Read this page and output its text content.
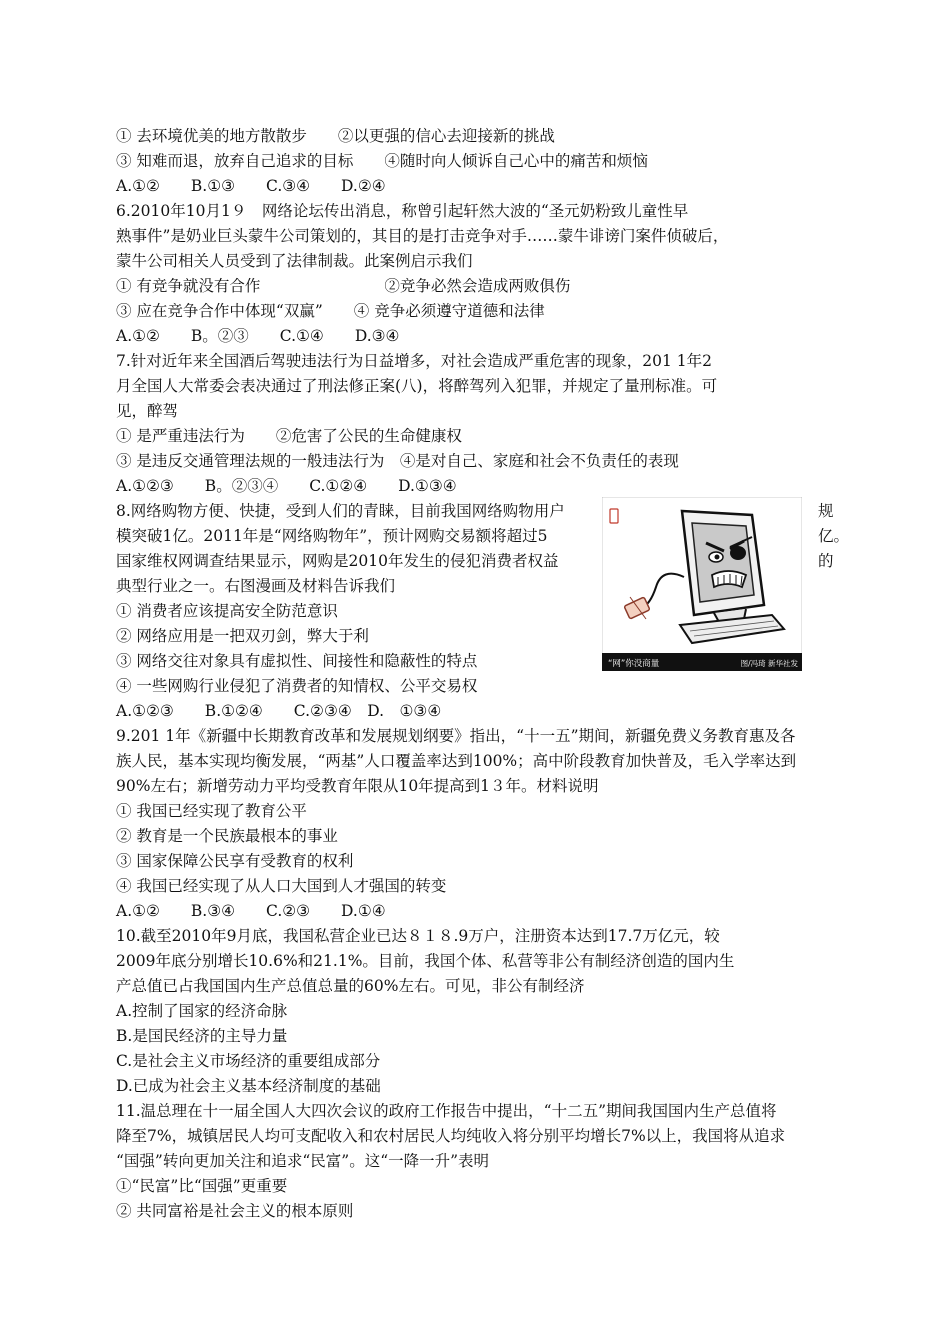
① 去环境优美的地方散散步　　②以更强的信心去迎接新的挑战
③ 知难而退，放弃自己追求的目标　　④随时向人倾诉自己心中的痛苦和烦恼
A.①②　　B.①③　　C.③④　　D.②④
6.2010年10月1９　网络论坛传出消息，称曾引起轩然大波的“圣元奶粉致儿童性早
熟事件”是奶业巨头蒙牛公司策划的，其目的是打击竞争对手……蒙牛诽谤门案件侦破后，
蒙牛公司相关人员受到了法律制裁。此案例启示我们
① 有竞争就没有合作　　　　　　　　②竞争必然会造成两败俱伤
③ 应在竞争合作中体现“双赢”　　④ 竞争必须遵守道德和法律
A.①②　　B。②③　　C.①④　　D.③④
7.针对近年来全国酒后驾驶违法行为日益增多，对社会造成严重危害的现象，201 1年2
月全国人大常委会表决通过了刑法修正案(八)，将醉驾列入犯罪，并规定了量刑标准。可
见，醉驾
① 是严重违法行为　　②危害了公民的生命健康权
③ 是违反交通管理法规的一般违法行为　④是对自己、家庭和社会不负责任的表现
A.①②③　　B。②③④　　C.①②④　　D.①③④
8.网络购物方便、快捷，受到人们的青睐，目前我国网络购物用户
模突破1亿。2011年是“网络购物年”，预计网购交易额将超过5
国家维权网调查结果显示，网购是2010年发生的侵犯消费者权益
典型行业之一。右图漫画及材料告诉我们
① 消费者应该提高安全防范意识
② 网络应用是一把双刃剑，弊大于利
③ 网络交往对象具有虚拟性、间接性和隐蔽性的特点
④ 一些网购行业侵犯了消费者的知情权、公平交易权
A.①②③　　B.①②④　　C.②③④　D.　①③④
9.201 1年《新疆中长期教育改革和发展规划纲要》指出，“十一五”期间，新疆免费义务教育惠及各
族人民，基本实现均衡发展，“两基”人口覆盖率达到100%；高中阶段教育加快普及，毛入学率达到
90%左右；新增劳动力平均受教育年限从10年提高到1３年。材料说明
① 我国已经实现了教育公平
② 教育是一个民族最根本的事业
③ 国家保障公民享有受教育的权利
④ 我国已经实现了从人口大国到人才强国的转变
A.①②　　B.③④　　C.②③　　D.①④
10.截至2010年9月底，我国私营企业已达８１８.9万户，注册资本达到17.7万亿元，较
2009年底分别增长10.6%和21.1%。目前，我国个体、私营等非公有制经济创造的国内生
产总值已占我国国内生产总值总量的60%左右。可见，非公有制经济
A.控制了国家的经济命脉
B.是国民经济的主导力量
C.是社会主义市场经济的重要组成部分
D.已成为社会主义基本经济制度的基础
11.温总理在十一届全国人大四次会议的政府工作报告中提出，“十二五”期间我国国内生产总值将
降至7%，城镇居民人均可支配收入和农村居民人均纯收入将分别平均增长7%以上，我国将从追求
“国强”转向更加关注和追求“民富”。这“一降一升”表明
①“民富”比“国强”更重要
② 共同富裕是社会主义的根本原则
规
亿。
的
“网”你没商量	图/冯琦 新华社发
